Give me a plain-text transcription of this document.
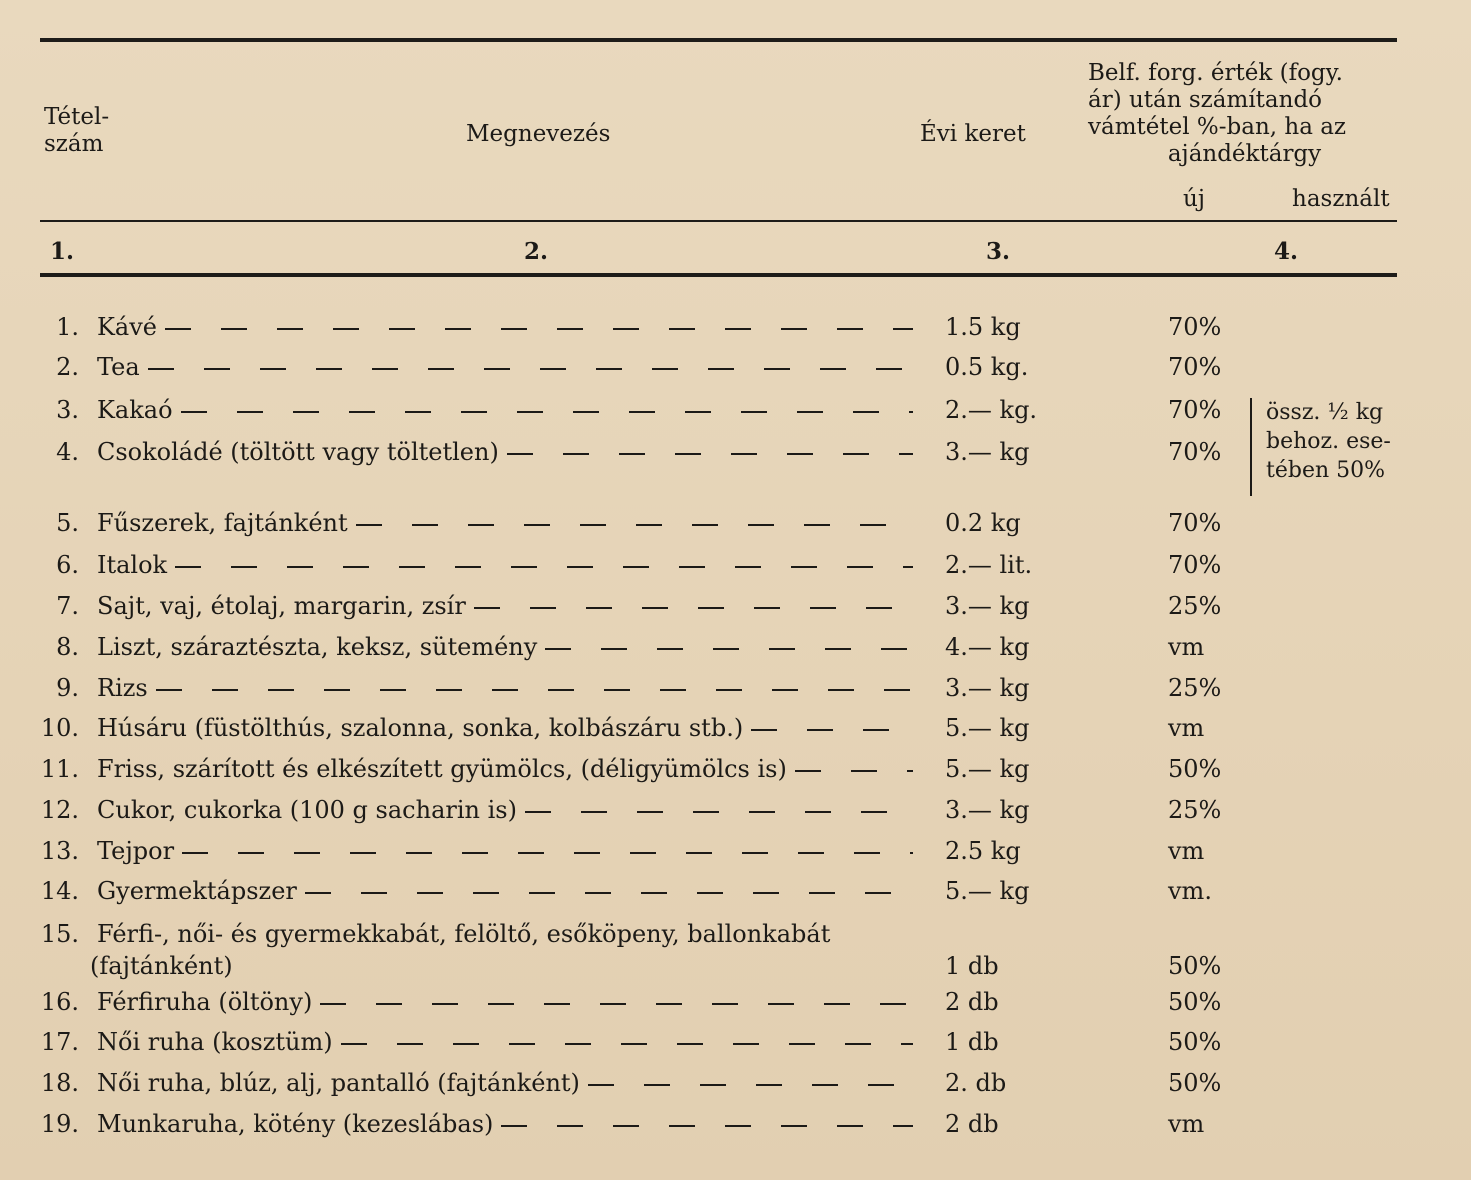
Tétel-
szám	Megnevezés	Évi keret
Belf. forg. érték (fogy.
ár) után számítandó
vámtétel %-ban, ha az
ajándéktárgy
új	használt
1.	2.	3.	4.
1. Kávé	1.5 kg	70%
2. Tea	0.5 kg.	70%
3. Kakaó	2.— kg.	70%
4. Csokoládé (töltött vagy töltetlen)	3.— kg	70%
5. Fűszerek, fajtánként	0.2 kg	70%
6. Italok	2.— lit.	70%
7. Sajt, vaj, étolaj, margarin, zsír	3.— kg	25%
8. Liszt, száraztészta, keksz, sütemény	4.— kg	vm
9. Rizs	3.— kg	25%
10. Húsáru (füstölthús, szalonna, sonka, kolbászáru stb.)	5.— kg	vm
11. Friss, szárított és elkészített gyümölcs, (déligyümölcs is)	5.— kg	50%
12. Cukor, cukorka (100 g sacharin is)	3.— kg	25%
13. Tejpor	2.5 kg	vm
14. Gyermektápszer	5.— kg	vm.
15. Férfi-, női- és gyermekkabát, felöltő, esőköpeny, ballonkabát
(fajtánként)	1 db	50%
16. Férfiruha (öltöny)	2 db	50%
17. Női ruha (kosztüm)	1 db	50%
18. Női ruha, blúz, alj, pantalló (fajtánként)	2. db	50%
19. Munkaruha, kötény (kezeslábas)	2 db	vm
össz. ½ kg
behoz. ese-
tében 50%
